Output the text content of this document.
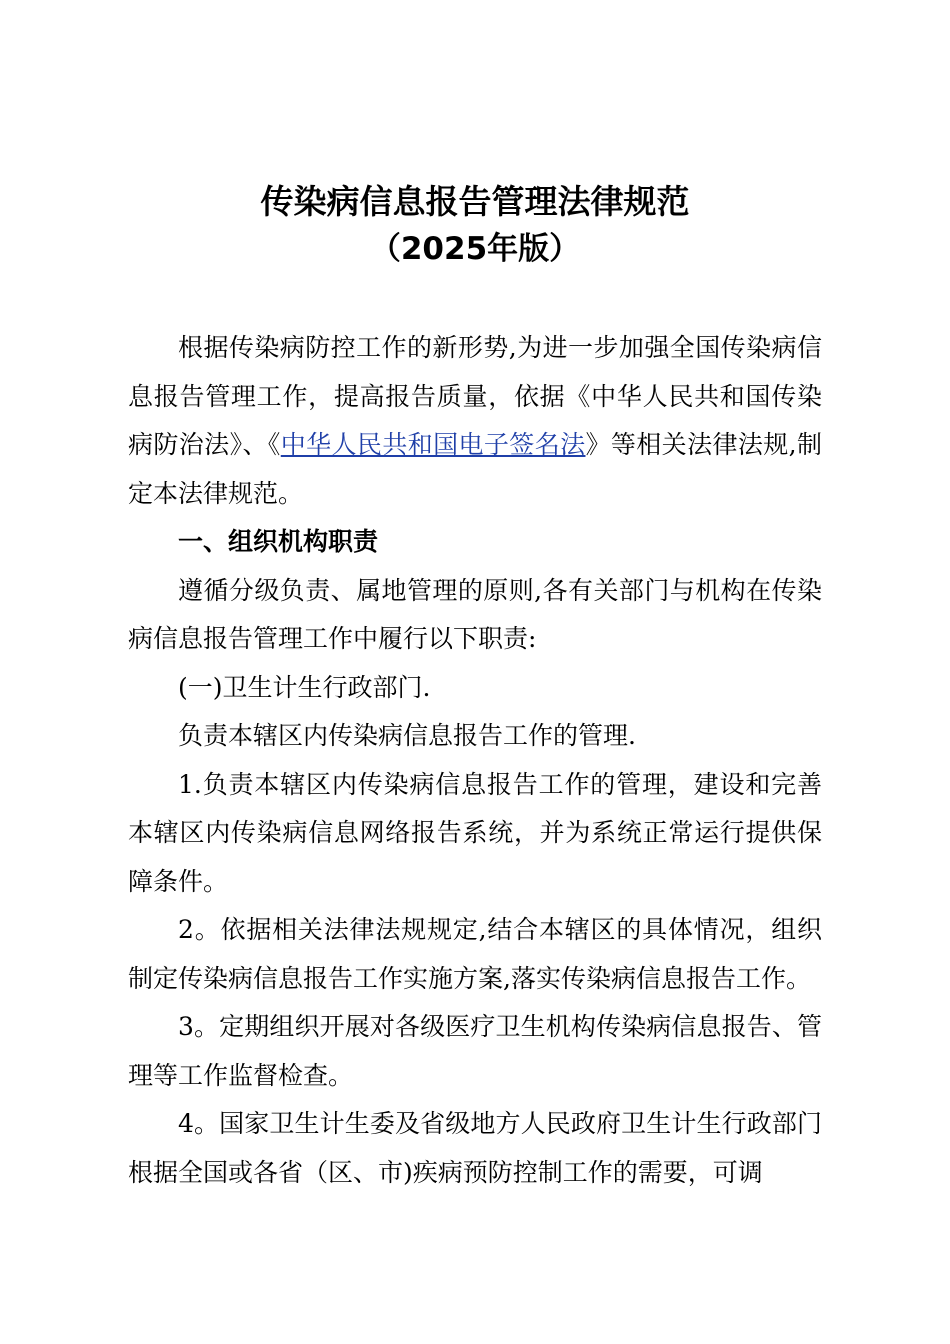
传染病信息报告管理法律规范
（2025年版）

根据传染病防控工作的新形势,为进一步加强全国传染病信息报告管理工作，提高报告质量，依据《中华人民共和国传染病防治法》、《中华人民共和国电子签名法》等相关法律法规,制定本法律规范。

一、组织机构职责

遵循分级负责、属地管理的原则,各有关部门与机构在传染病信息报告管理工作中履行以下职责:

(一)卫生计生行政部门.

负责本辖区内传染病信息报告工作的管理.

1.负责本辖区内传染病信息报告工作的管理，建设和完善本辖区内传染病信息网络报告系统，并为系统正常运行提供保障条件。

2。依据相关法律法规规定,结合本辖区的具体情况，组织制定传染病信息报告工作实施方案,落实传染病信息报告工作。

3。定期组织开展对各级医疗卫生机构传染病信息报告、管理等工作监督检查。

4。国家卫生计生委及省级地方人民政府卫生计生行政部门根据全国或各省（区、市)疾病预防控制工作的需要，可调
